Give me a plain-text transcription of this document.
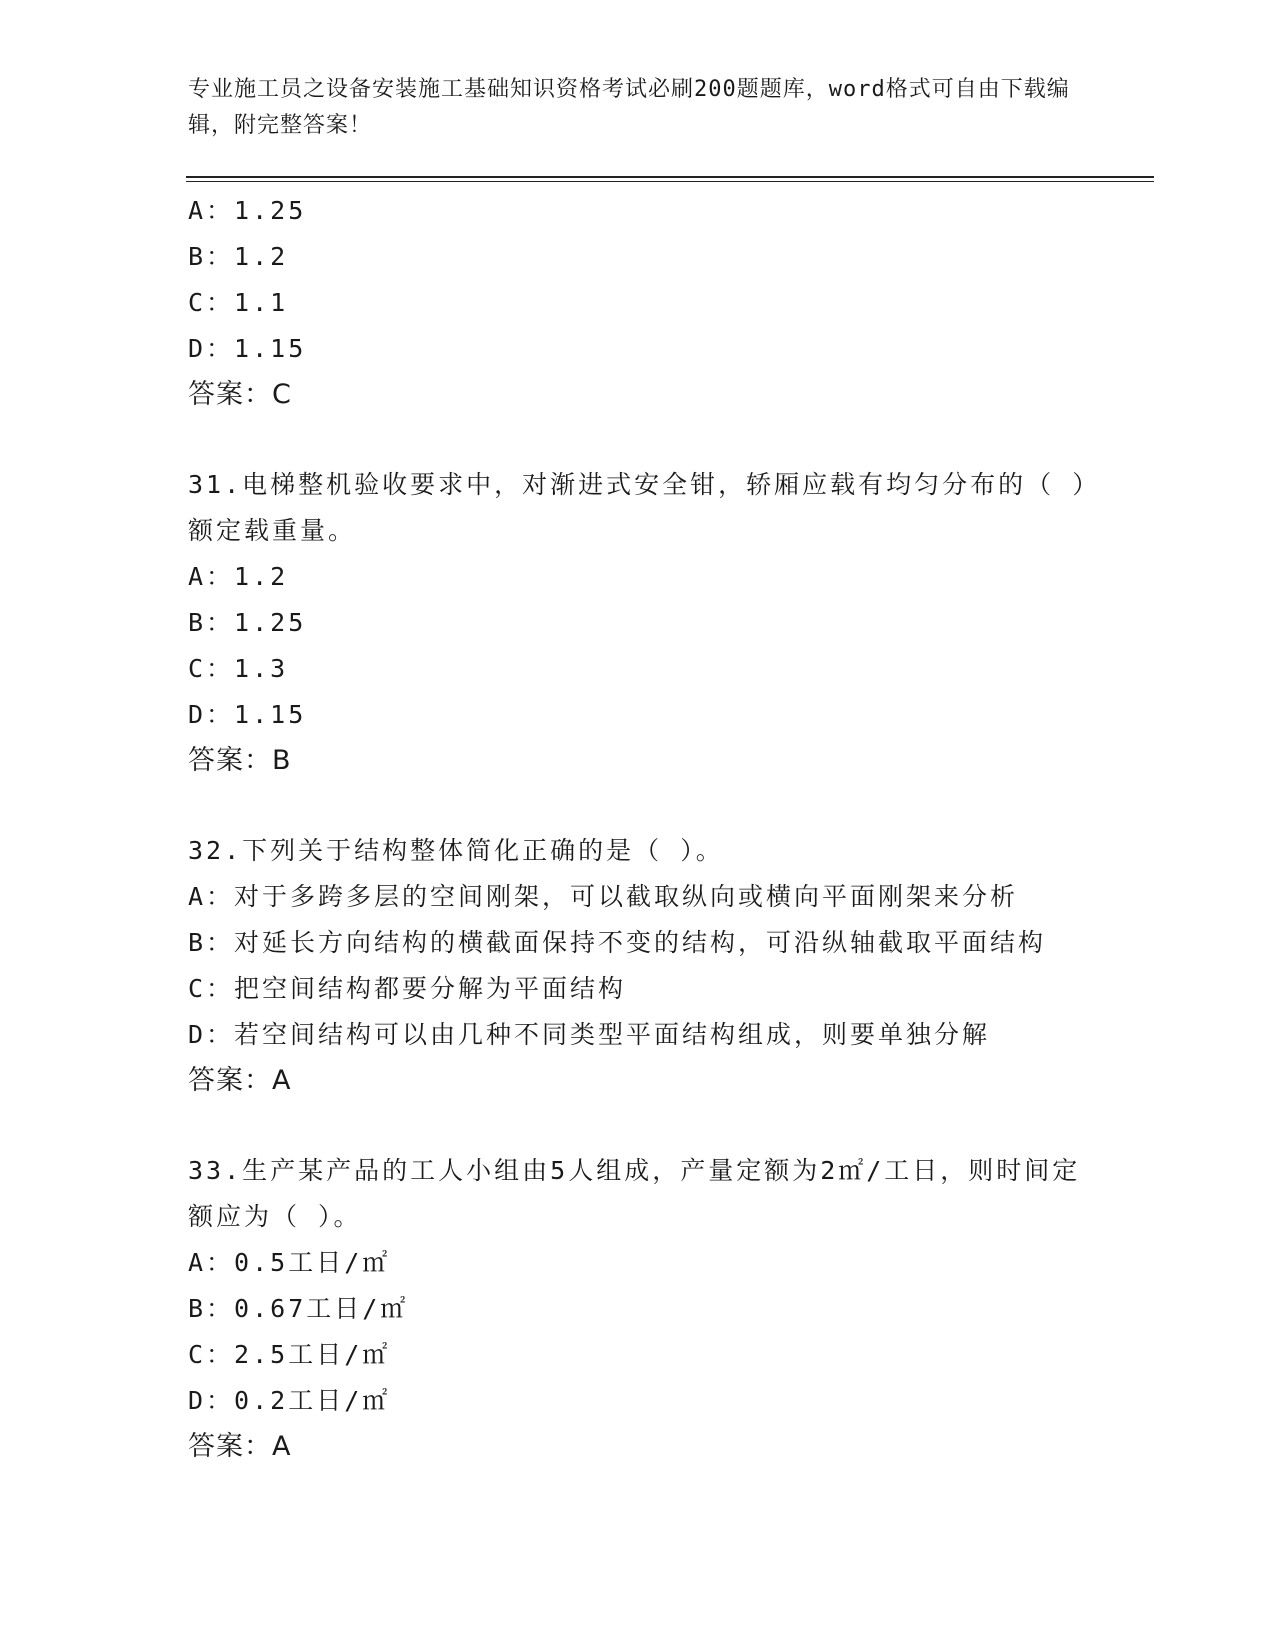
专业施工员之设备安装施工基础知识资格考试必刷200题题库，word格式可自由下载编辑，附完整答案！
A：1.25
B：1.2
C：1.1
D：1.15
答案：C
31.电梯整机验收要求中，对渐进式安全钳，轿厢应载有均匀分布的（ ）额定载重量。
A：1.2
B：1.25
C：1.3
D：1.15
答案：B
32.下列关于结构整体简化正确的是（ ）。
A：对于多跨多层的空间刚架，可以截取纵向或横向平面刚架来分析
B：对延长方向结构的横截面保持不变的结构，可沿纵轴截取平面结构
C：把空间结构都要分解为平面结构
D：若空间结构可以由几种不同类型平面结构组成，则要单独分解
答案：A
33.生产某产品的工人小组由5人组成，产量定额为2㎡/工日，则时间定额应为（ ）。
A：0.5工日/㎡
B：0.67工日/㎡
C：2.5工日/㎡
D：0.2工日/㎡
答案：A
